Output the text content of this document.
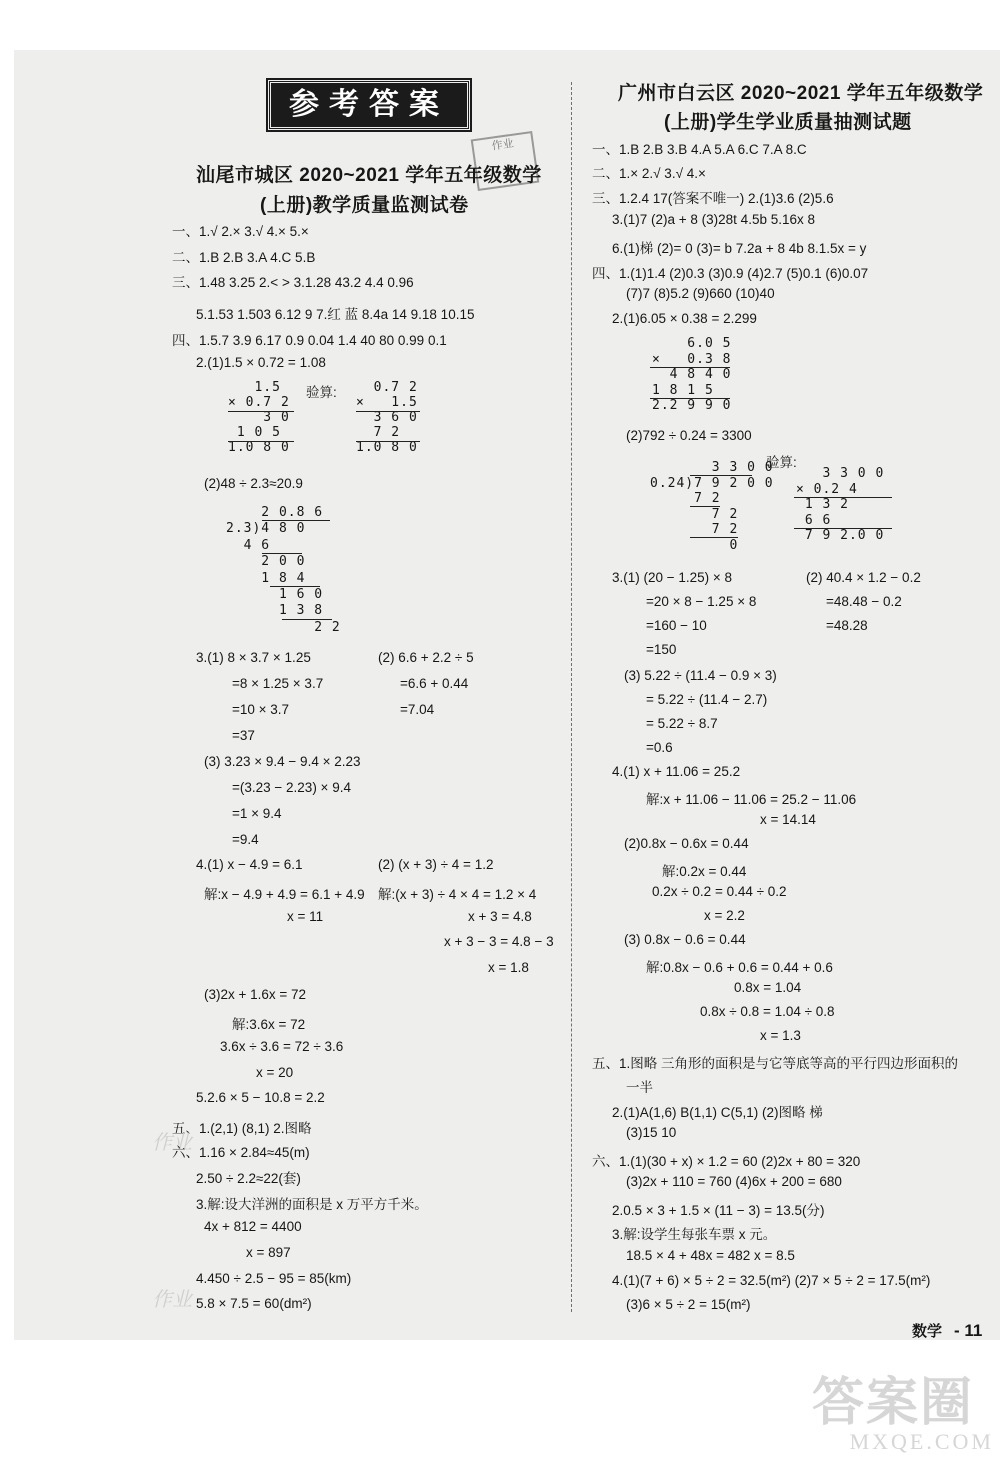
参考答案
作业
汕尾市城区 2020~2021 学年五年级数学
(上册)教学质量监测试卷
一、1.√ 2.× 3.√ 4.× 5.×
二、1.B 2.B 3.A 4.C 5.B
三、1.48 3.25 2.< > 3.1.28 43.2 4.4 0.96
5.1.53 1.503 6.12 9 7.红 蓝 8.4a 14 9.18 10.15
四、1.5.7 3.9 6.17 0.9 0.04 1.4 40 80 0.99 0.1
2.(1)1.5 × 0.72 = 1.08
1.5
× 0.7 2
3 0
1 0 5
1.0 8 0
验算:	0.7 2
×   1.5
3 6 0
7 2
1.0 8 0
(2)48 ÷ 2.3≈20.9
2 0.8 6
2.3)4 8 0
4 6
2 0 0
1 8 4
1 6 0
1 3 8
2 2
3.(1) 8 × 3.7 × 1.25
=8 × 1.25 × 3.7
=10 × 3.7
=37
(2) 6.6 + 2.2 ÷ 5
=6.6 + 0.44
=7.04
(3) 3.23 × 9.4 − 9.4 × 2.23
=(3.23 − 2.23) × 9.4
=1 × 9.4
=9.4
4.(1) x − 4.9 = 6.1
解:x − 4.9 + 4.9 = 6.1 + 4.9
x = 11
(2) (x + 3) ÷ 4 = 1.2
解:(x + 3) ÷ 4 × 4 = 1.2 × 4
x + 3 = 4.8
x + 3 − 3 = 4.8 − 3
x = 1.8
(3)2x + 1.6x = 72
解:3.6x = 72
3.6x ÷ 3.6 = 72 ÷ 3.6
x = 20
5.2.6 × 5 − 10.8 = 2.2
五、1.(2,1) (8,1) 2.图略
作业
六、1.16 × 2.84≈45(m)
2.50 ÷ 2.2≈22(套)
3.解:设大洋洲的面积是 x 万平方千米。
4x + 812 = 4400
x = 897
4.450 ÷ 2.5 − 95 = 85(km)
作业 5.8 × 7.5 = 60(dm²)
广州市白云区 2020~2021 学年五年级数学
(上册)学生学业质量抽测试题
一、1.B 2.B 3.B 4.A 5.A 6.C 7.A 8.C
二、1.× 2.√ 3.√ 4.×
三、1.2.4 17(答案不唯一) 2.(1)3.6 (2)5.6
3.(1)7 (2)a + 8 (3)28t 4.5b 5.16x 8
6.(1)梯 (2)= 0 (3)= b 7.2a + 8 4b 8.1.5x = y
四、1.(1)1.4 (2)0.3 (3)0.9 (4)2.7 (5)0.1 (6)0.07
(7)7 (8)5.2 (9)660 (10)40
2.(1)6.05 × 0.38 = 2.299
6.0 5
×   0.3 8
4 8 4 0
1 8 1 5
2.2 9 9 0
(2)792 ÷ 0.24 = 3300
3 3 0 0
0.24)7 9 2 0 0
7 2
7 2
7 2
0
验算:
3 3 0 0
× 0.2 4
1 3 2
6 6
7 9 2.0 0
3.(1) (20 − 1.25) × 8
=20 × 8 − 1.25 × 8
=160 − 10
=150
(2) 40.4 × 1.2 − 0.2
=48.48 − 0.2
=48.28
(3) 5.22 ÷ (11.4 − 0.9 × 3)
= 5.22 ÷ (11.4 − 2.7)
= 5.22 ÷ 8.7
=0.6
4.(1) x + 11.06 = 25.2
解:x + 11.06 − 11.06 = 25.2 − 11.06
x = 14.14
(2)0.8x − 0.6x = 0.44
解:0.2x = 0.44
0.2x ÷ 0.2 = 0.44 ÷ 0.2
x = 2.2
(3) 0.8x − 0.6 = 0.44
解:0.8x − 0.6 + 0.6 = 0.44 + 0.6
0.8x = 1.04
0.8x ÷ 0.8 = 1.04 ÷ 0.8
x = 1.3
五、1.图略 三角形的面积是与它等底等高的平行四边形面积的
一半
2.(1)A(1,6) B(1,1) C(5,1) (2)图略 梯
(3)15 10
六、1.(1)(30 + x) × 1.2 = 60 (2)2x + 80 = 320
(3)2x + 110 = 760 (4)6x + 200 = 680
2.0.5 × 3 + 1.5 × (11 − 3) = 13.5(分)
3.解:设学生每张车票 x 元。
18.5 × 4 + 48x = 482 x = 8.5
4.(1)(7 + 6) × 5 ÷ 2 = 32.5(m²) (2)7 × 5 ÷ 2 = 17.5(m²)
(3)6 × 5 ÷ 2 = 15(m²)
数学 - 11
答案圈
MXQE.COM
